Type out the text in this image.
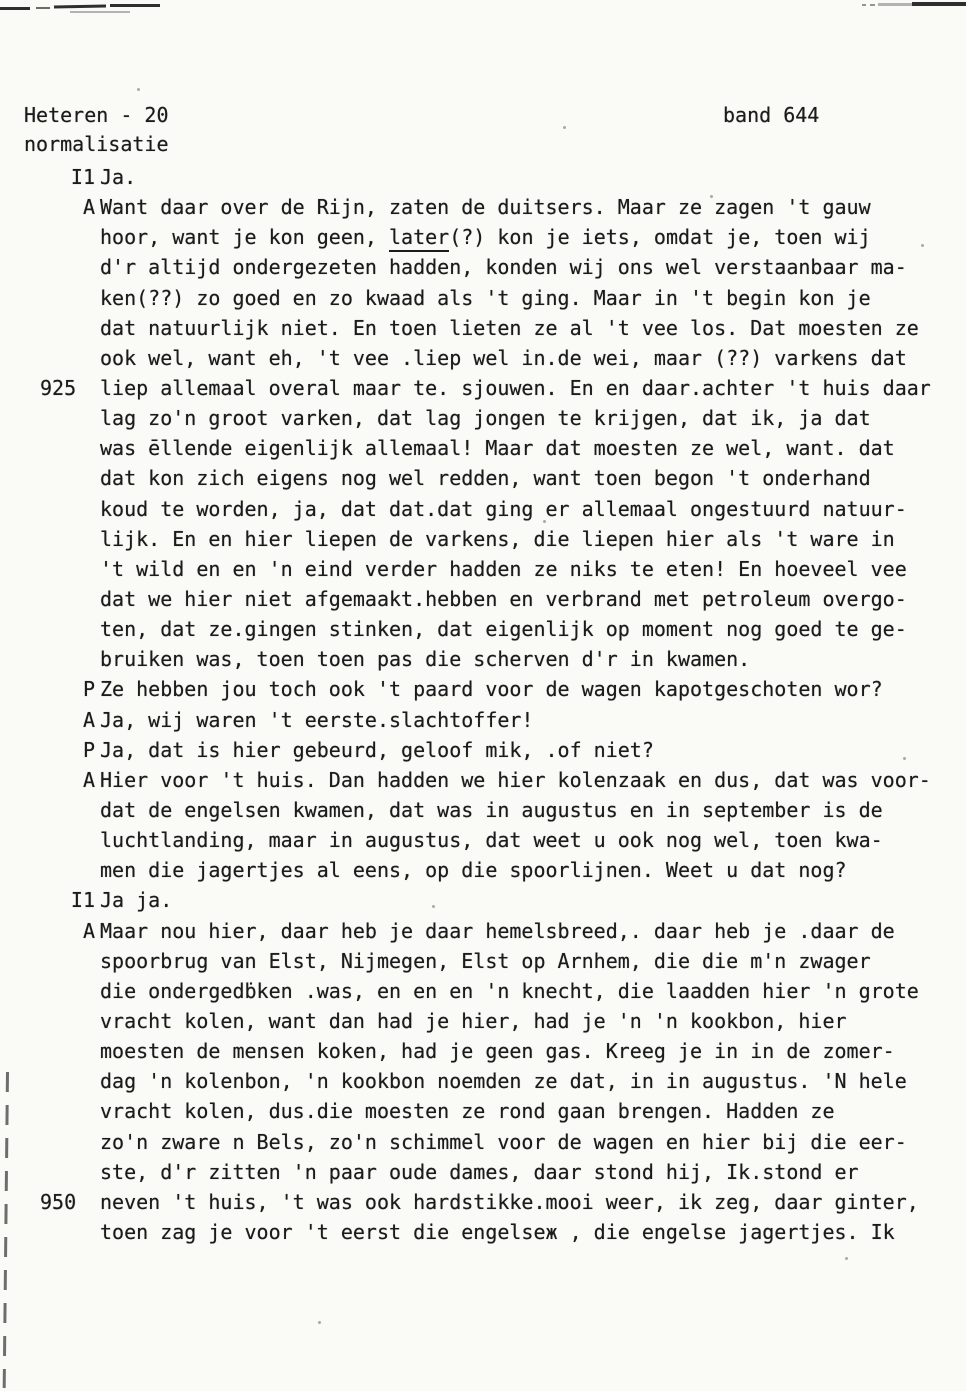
Heteren - 20	band 644
normalisatie
I1 Ja.
A Want daar over de Rijn, zaten de duitsers. Maar ze zagen 't gauw
hoor, want je kon geen, later(?) kon je iets, omdat je, toen wij
d'r altijd ondergezeten hadden, konden wij ons wel verstaanbaar ma-
ken(??) zo goed en zo kwaad als 't ging. Maar in 't begin kon je
dat natuurlijk niet. En toen lieten ze al 't vee los. Dat moesten ze
ook wel, want eh, 't vee .liep wel in.de wei, maar (??) varkens dat
925 liep allemaal overal maar te. sjouwen. En en daar.achter 't huis daar
lag zo'n groot varken, dat lag jongen te krijgen, dat ik, ja dat
was ēllende eigenlijk allemaal! Maar dat moesten ze wel, want. dat
dat kon zich eigens nog wel redden, want toen begon 't onderhand
koud te worden, ja, dat dat.dat ging er allemaal ongestuurd natuur-
lijk. En en hier liepen de varkens, die liepen hier als 't ware in
't wild en en 'n eind verder hadden ze niks te eten! En hoeveel vee
dat we hier niet afgemaakt.hebben en verbrand met petroleum overgo-
ten, dat ze.gingen stinken, dat eigenlijk op moment nog goed te ge-
bruiken was, toen toen pas die scherven d'r in kwamen.
P Ze hebben jou toch ook 't paard voor de wagen kapotgeschoten wor?
A Ja, wij waren 't eerste.slachtoffer!
P Ja, dat is hier gebeurd, geloof mik, .of niet?
A Hier voor 't huis. Dan hadden we hier kolenzaak en dus, dat was voor-
dat de engelsen kwamen, dat was in augustus en in september is de
luchtlanding, maar in augustus, dat weet u ook nog wel, toen kwa-
men die jagertjes al eens, op die spoorlijnen. Weet u dat nog?
I1 Ja ja.
A Maar nou hier, daar heb je daar hemelsbreed,. daar heb je .daar de
spoorbrug van Elst, Nijmegen, Elst op Arnhem, die die m'n zwager
die ondergedḃken .was, en en en 'n knecht, die laadden hier 'n grote
vracht kolen, want dan had je hier, had je 'n 'n kookbon, hier
moesten de mensen koken, had je geen gas. Kreeg je in in de zomer-
dag 'n kolenbon, 'n kookbon noemden ze dat, in in augustus. 'N hele
vracht kolen, dus.die moesten ze rond gaan brengen. Hadden ze
zo'n zware n Bels, zo'n schimmel voor de wagen en hier bij die eer-
ste, d'r zitten 'n paar oude dames, daar stond hij, Ik.stond er
950 neven 't huis, 't was ook hardstikke.mooi weer, ik zeg, daar ginter,
toen zag je voor 't eerst die engelseж , die engelse jagertjes. Ik
